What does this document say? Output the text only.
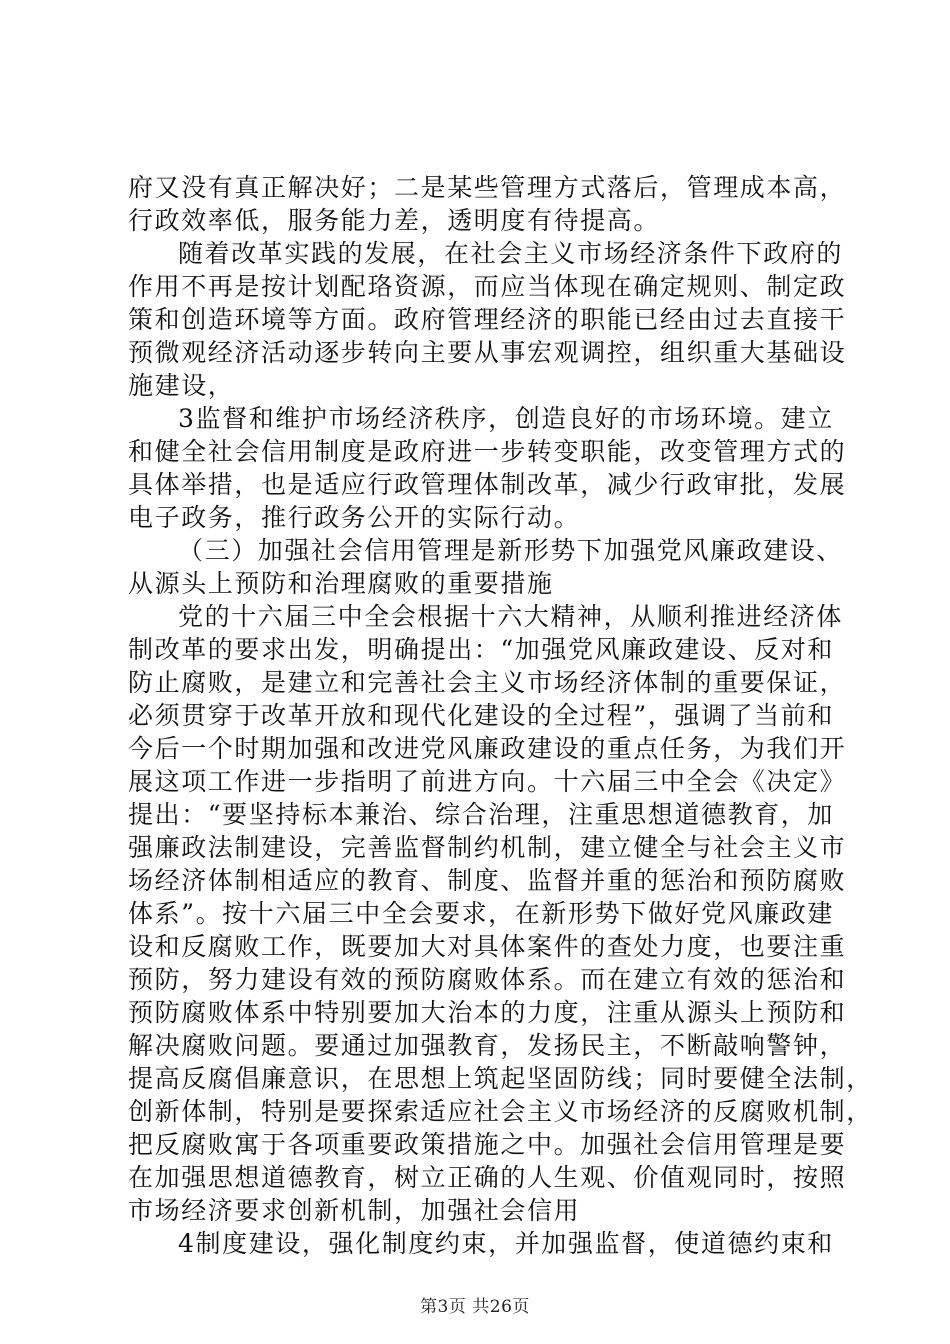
府又没有真正解决好；二是某些管理方式落后，管理成本高，
行政效率低，服务能力差，透明度有待提高。
随着改革实践的发展，在社会主义市场经济条件下政府的
作用不再是按计划配珞资源，而应当体现在确定规则、制定政
策和创造环境等方面。政府管理经济的职能已经由过去直接干
预微观经济活动逐步转向主要从事宏观调控，组织重大基础设
施建设，
3监督和维护市场经济秩序，创造良好的市场环境。建立
和健全社会信用制度是政府进一步转变职能，改变管理方式的
具体举措，也是适应行政管理体制改革，减少行政审批，发展
电子政务，推行政务公开的实际行动。
（三）加强社会信用管理是新形势下加强党风廉政建设、
从源头上预防和治理腐败的重要措施
党的十六届三中全会根据十六大精神，从顺利推进经济体
制改革的要求出发，明确提出：“加强党风廉政建设、反对和
防止腐败，是建立和完善社会主义市场经济体制的重要保证，
必须贯穿于改革开放和现代化建设的全过程”，强调了当前和
今后一个时期加强和改进党风廉政建设的重点任务，为我们开
展这项工作进一步指明了前进方向。十六届三中全会《决定》
提出：“要坚持标本兼治、综合治理，注重思想道德教育，加
强廉政法制建设，完善监督制约机制，建立健全与社会主义市
场经济体制相适应的教育、制度、监督并重的惩治和预防腐败
体系”。按十六届三中全会要求，在新形势下做好党风廉政建
设和反腐败工作，既要加大对具体案件的查处力度，也要注重
预防，努力建设有效的预防腐败体系。而在建立有效的惩治和
预防腐败体系中特别要加大治本的力度，注重从源头上预防和
解决腐败问题。要通过加强教育，发扬民主，不断敲响警钟，
提高反腐倡廉意识，在思想上筑起坚固防线；同时要健全法制，
创新体制，特别是要探索适应社会主义市场经济的反腐败机制，
把反腐败寓于各项重要政策措施之中。加强社会信用管理是要
在加强思想道德教育，树立正确的人生观、价值观同时，按照
市场经济要求创新机制，加强社会信用
4制度建设，强化制度约束，并加强监督，使道德约束和
第3页 共26页
